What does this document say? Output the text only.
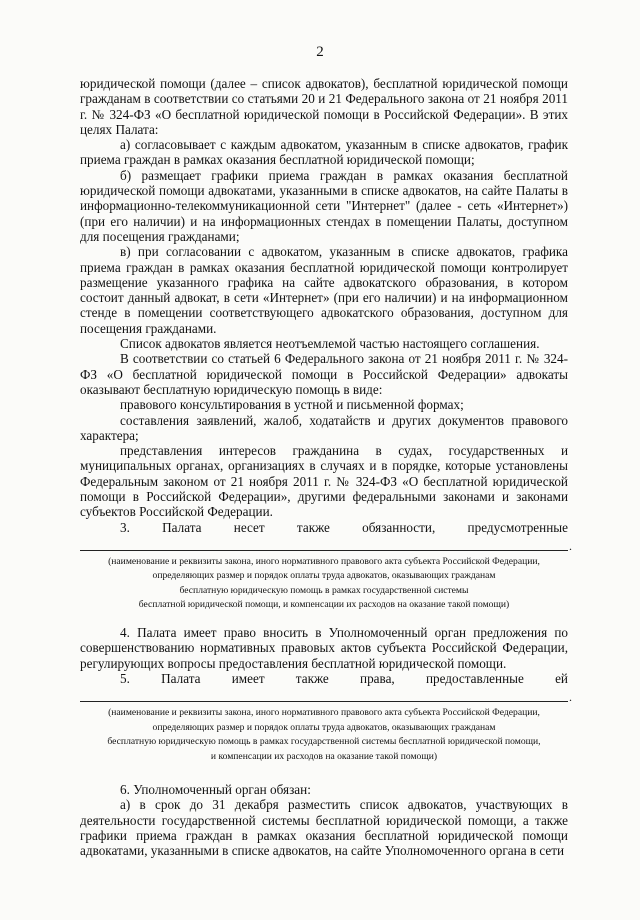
2

юридической помощи (далее – список адвокатов), бесплатной юридической помощи гражданам в соответствии со статьями 20 и 21 Федерального закона от 21 ноября 2011 г. № 324-ФЗ «О бесплатной юридической помощи в Российской Федерации». В этих целях Палата:

а) согласовывает с каждым адвокатом, указанным в списке адвокатов, график приема граждан в рамках оказания бесплатной юридической помощи;

б) размещает графики приема граждан в рамках оказания бесплатной юридической помощи адвокатами, указанными в списке адвокатов, на сайте Палаты в информационно-телекоммуникационной сети "Интернет" (далее - сеть «Интернет») (при его наличии) и на информационных стендах в помещении Палаты, доступном для посещения гражданами;

в) при согласовании с адвокатом, указанным в списке адвокатов, графика приема граждан в рамках оказания бесплатной юридической помощи контролирует размещение указанного графика на сайте адвокатского образования, в котором состоит данный адвокат, в сети «Интернет» (при его наличии) и на информационном стенде в помещении соответствующего адвокатского образования, доступном для посещения гражданами.

Список адвокатов является неотъемлемой частью настоящего соглашения.

В соответствии со статьей 6 Федерального закона от 21 ноября 2011 г. № 324-ФЗ «О бесплатной юридической помощи в Российской Федерации» адвокаты оказывают бесплатную юридическую помощь в виде:

правового консультирования в устной и письменной формах;

составления заявлений, жалоб, ходатайств и других документов правового характера;

представления интересов гражданина в судах, государственных и муниципальных органах, организациях в случаях и в порядке, которые установлены Федеральным законом от 21 ноября 2011 г. № 324-ФЗ «О бесплатной юридической помощи в Российской Федерации», другими федеральными законами и законами субъектов Российской Федерации.

3. Палата несет также обязанности, предусмотренные

.

(наименование и реквизиты закона, иного нормативного правового акта субъекта Российской Федерации,
определяющих размер и порядок оплаты труда адвокатов, оказывающих гражданам
бесплатную юридическую помощь в рамках государственной системы
бесплатной юридической помощи, и компенсации их расходов на оказание такой помощи)

4. Палата имеет право вносить в Уполномоченный орган предложения по совершенствованию нормативных правовых актов субъекта Российской Федерации, регулирующих вопросы предоставления бесплатной юридической помощи.

5. Палата имеет также права, предоставленные ей

.

(наименование и реквизиты закона, иного нормативного правового акта субъекта Российской Федерации,
определяющих размер и порядок оплаты труда адвокатов, оказывающих гражданам
бесплатную юридическую помощь в рамках государственной системы бесплатной юридической помощи,
и компенсации их расходов на оказание такой помощи)

6. Уполномоченный орган обязан:

а) в срок до 31 декабря разместить список адвокатов, участвующих в деятельности государственной системы бесплатной юридической помощи, а также графики приема граждан в рамках оказания бесплатной юридической помощи адвокатами, указанными в списке адвокатов, на сайте Уполномоченного органа в сети
